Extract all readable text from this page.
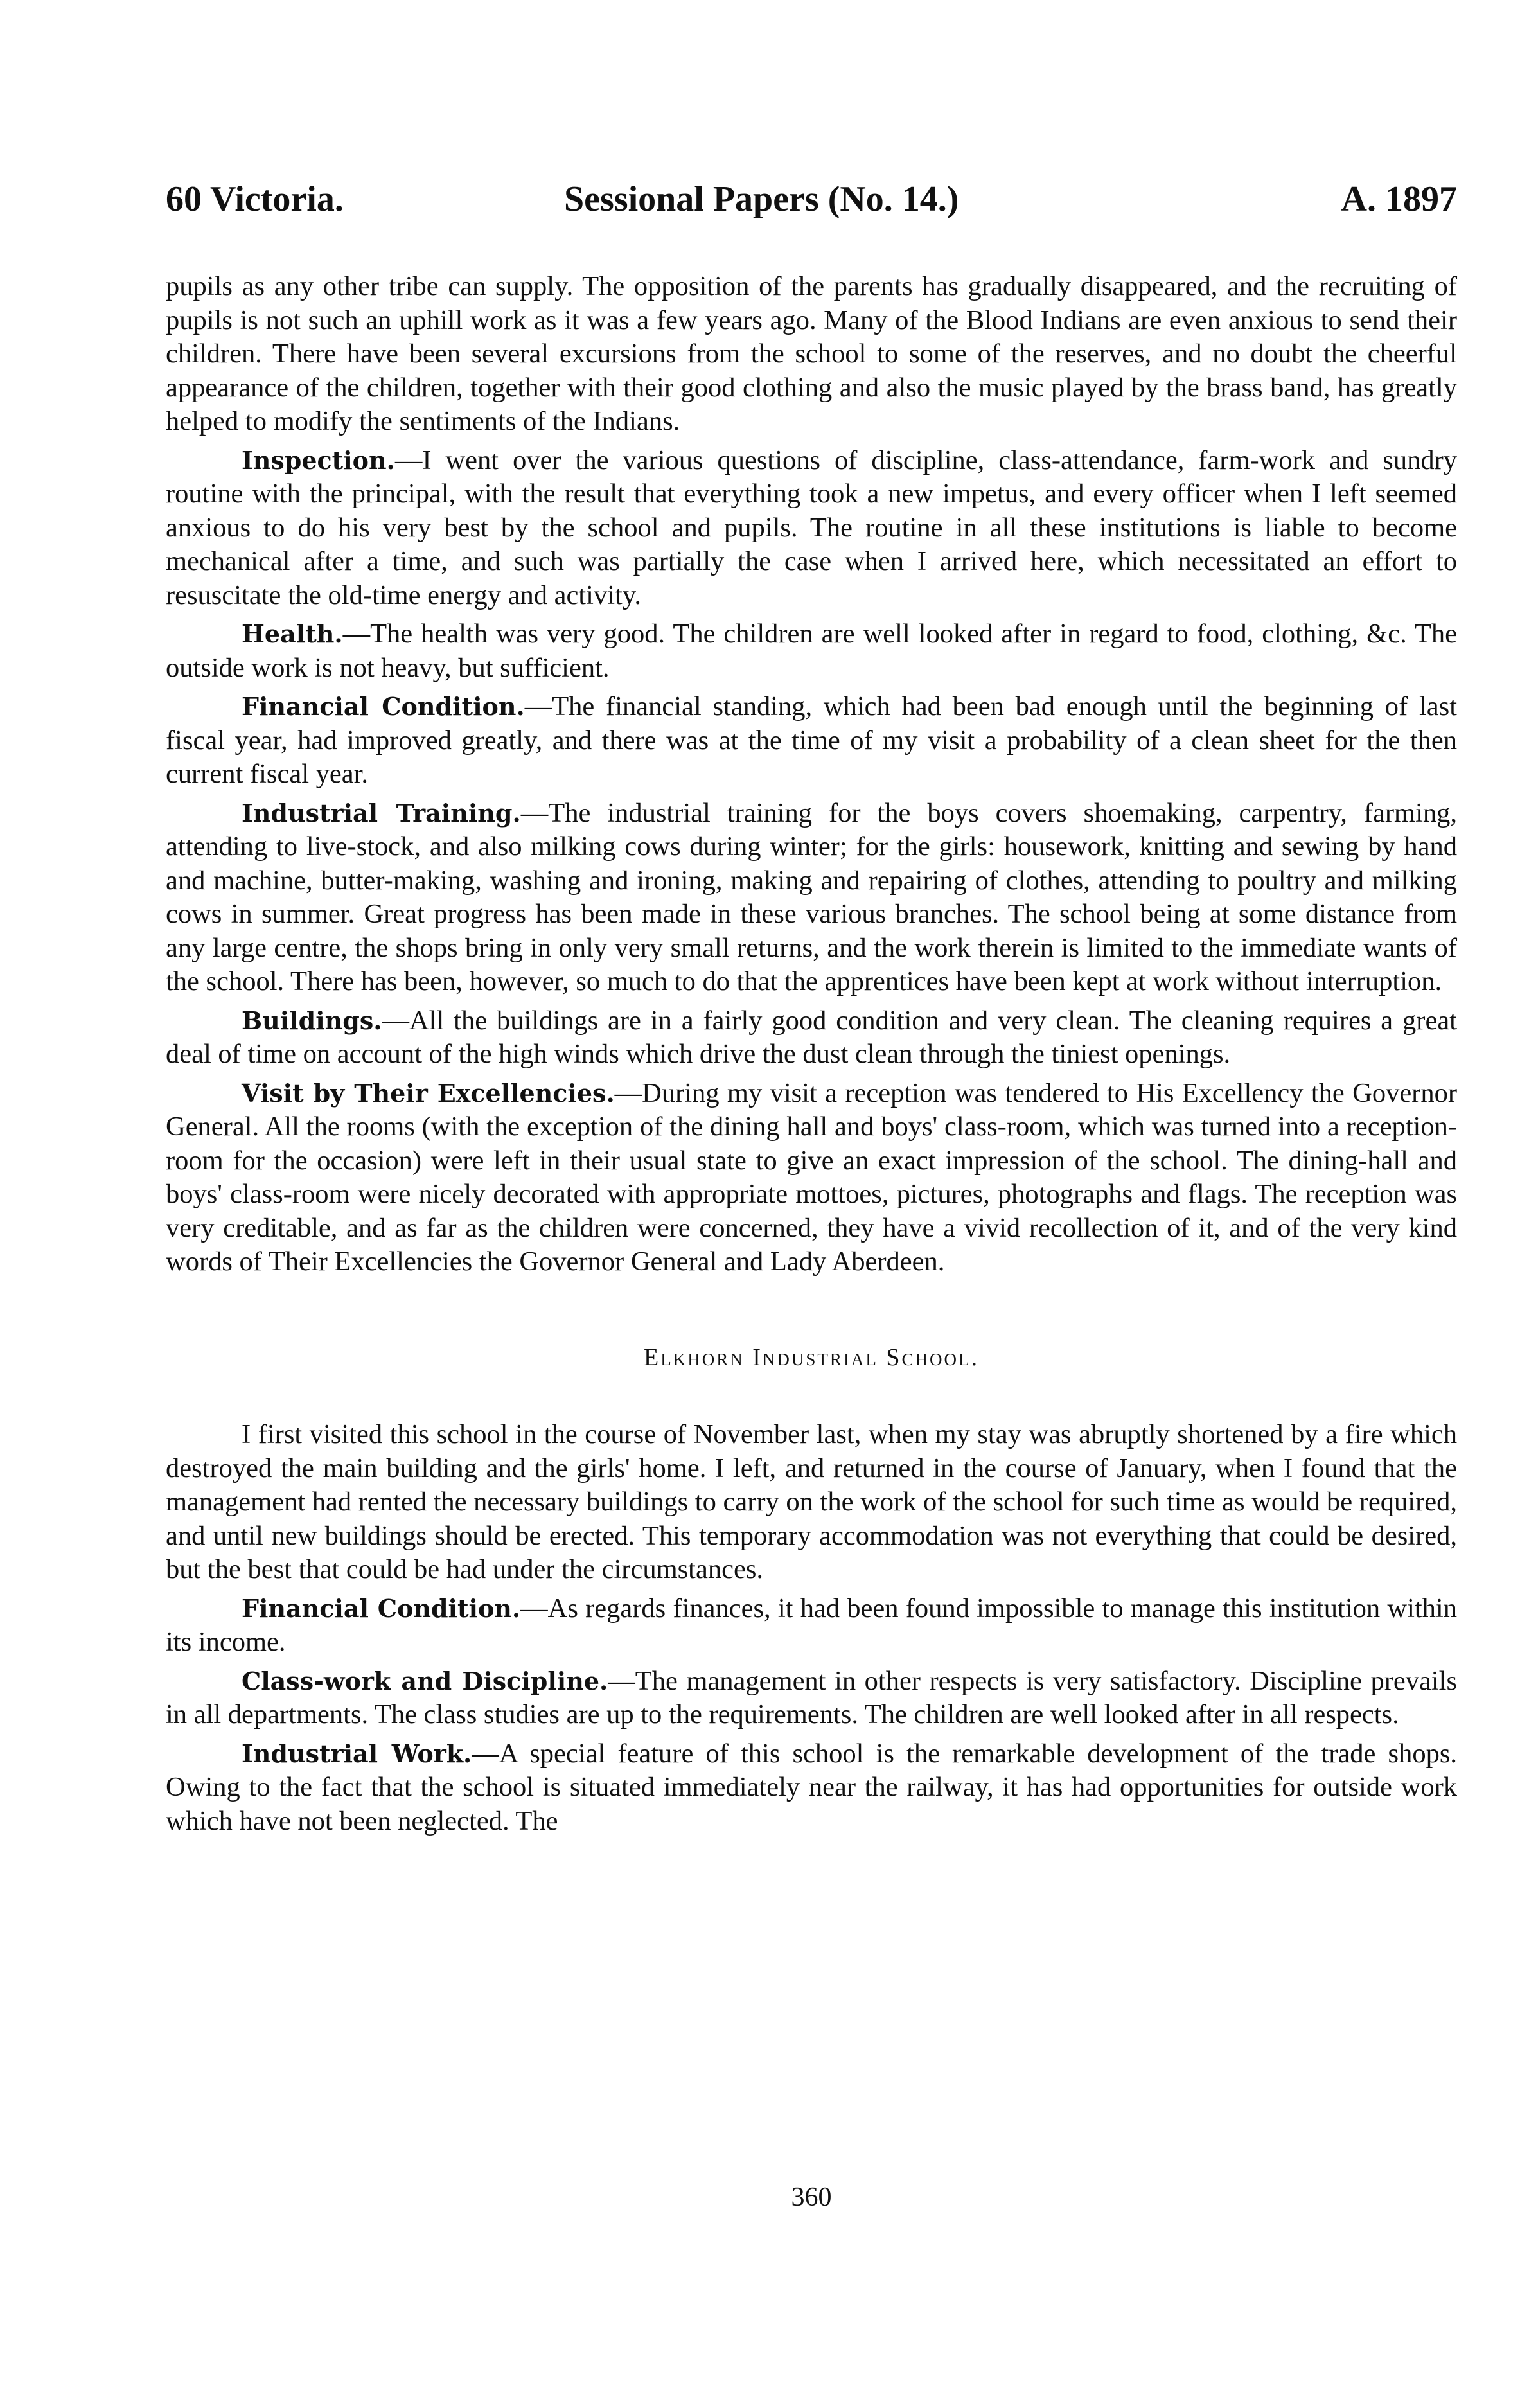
60 Victoria.	Sessional Papers (No. 14.)	A. 1897

pupils as any other tribe can supply. The opposition of the parents has gradually disappeared, and the recruiting of pupils is not such an uphill work as it was a few years ago. Many of the Blood Indians are even anxious to send their children. There have been several excursions from the school to some of the reserves, and no doubt the cheerful appearance of the children, together with their good clothing and also the music played by the brass band, has greatly helped to modify the sentiments of the Indians.

Inspection.—I went over the various questions of discipline, class-attendance, farm-work and sundry routine with the principal, with the result that everything took a new impetus, and every officer when I left seemed anxious to do his very best by the school and pupils. The routine in all these institutions is liable to become mechanical after a time, and such was partially the case when I arrived here, which necessitated an effort to resuscitate the old-time energy and activity.

Health.—The health was very good. The children are well looked after in regard to food, clothing, &c. The outside work is not heavy, but sufficient.

Financial Condition.—The financial standing, which had been bad enough until the beginning of last fiscal year, had improved greatly, and there was at the time of my visit a probability of a clean sheet for the then current fiscal year.

Industrial Training.—The industrial training for the boys covers shoemaking, carpentry, farming, attending to live-stock, and also milking cows during winter; for the girls: housework, knitting and sewing by hand and machine, butter-making, washing and ironing, making and repairing of clothes, attending to poultry and milking cows in summer. Great progress has been made in these various branches. The school being at some distance from any large centre, the shops bring in only very small returns, and the work therein is limited to the immediate wants of the school. There has been, however, so much to do that the apprentices have been kept at work without interruption.

Buildings.—All the buildings are in a fairly good condition and very clean. The cleaning requires a great deal of time on account of the high winds which drive the dust clean through the tiniest openings.

Visit by Their Excellencies.—During my visit a reception was tendered to His Excellency the Governor General. All the rooms (with the exception of the dining hall and boys' class-room, which was turned into a reception-room for the occasion) were left in their usual state to give an exact impression of the school. The dining-hall and boys' class-room were nicely decorated with appropriate mottoes, pictures, photographs and flags. The reception was very creditable, and as far as the children were concerned, they have a vivid recollection of it, and of the very kind words of Their Excellencies the Governor General and Lady Aberdeen.

Elkhorn Industrial School.

I first visited this school in the course of November last, when my stay was abruptly shortened by a fire which destroyed the main building and the girls' home. I left, and returned in the course of January, when I found that the management had rented the necessary buildings to carry on the work of the school for such time as would be required, and until new buildings should be erected. This temporary accommodation was not everything that could be desired, but the best that could be had under the circumstances.

Financial Condition.—As regards finances, it had been found impossible to manage this institution within its income.

Class-work and Discipline.—The management in other respects is very satisfactory. Discipline prevails in all departments. The class studies are up to the requirements. The children are well looked after in all respects.

Industrial Work.—A special feature of this school is the remarkable development of the trade shops. Owing to the fact that the school is situated immediately near the railway, it has had opportunities for outside work which have not been neglected. The

360
